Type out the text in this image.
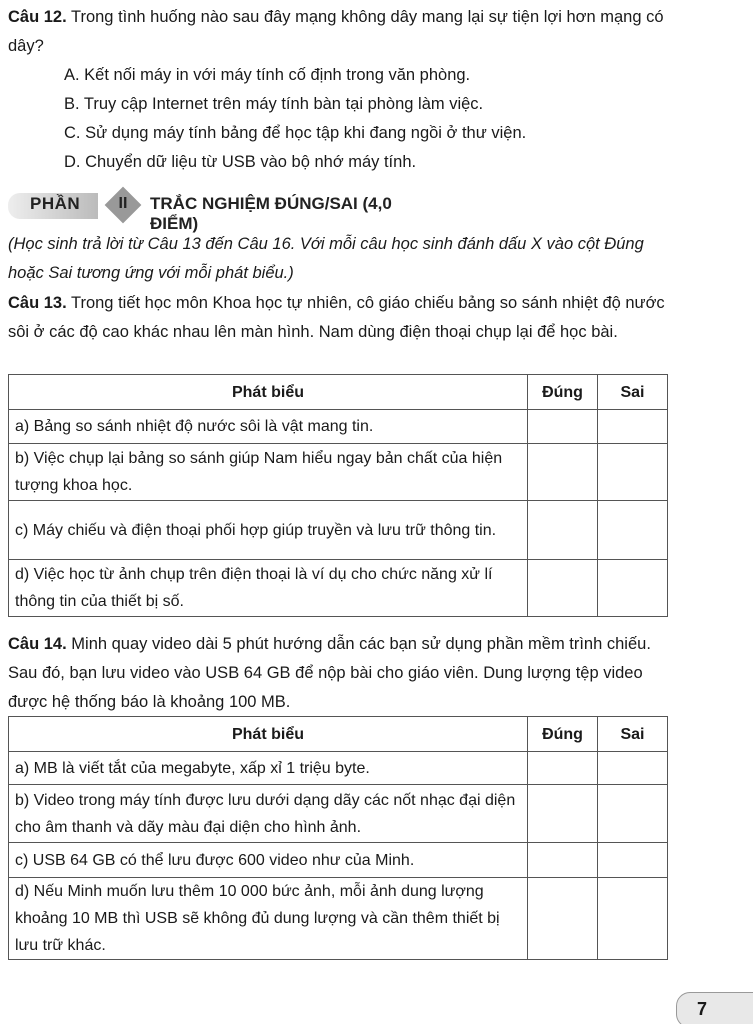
Câu 12. Trong tình huống nào sau đây mạng không dây mang lại sự tiện lợi hơn mạng có dây?
A. Kết nối máy in với máy tính cố định trong văn phòng.
B. Truy cập Internet trên máy tính bàn tại phòng làm việc.
C. Sử dụng máy tính bảng để học tập khi đang ngồi ở thư viện.
D. Chuyển dữ liệu từ USB vào bộ nhớ máy tính.
PHẦN	II	TRẮC NGHIỆM ĐÚNG/SAI (4,0 ĐIỂM)
(Học sinh trả lời từ Câu 13 đến Câu 16. Với mỗi câu học sinh đánh dấu X vào cột Đúng hoặc Sai tương ứng với mỗi phát biểu.)
Câu 13. Trong tiết học môn Khoa học tự nhiên, cô giáo chiếu bảng so sánh nhiệt độ nước sôi ở các độ cao khác nhau lên màn hình. Nam dùng điện thoại chụp lại để học bài.
Phát biểu	Đúng	Sai
a) Bảng so sánh nhiệt độ nước sôi là vật mang tin.		
b) Việc chụp lại bảng so sánh giúp Nam hiểu ngay bản chất của hiện tượng khoa học.		
c) Máy chiếu và điện thoại phối hợp giúp truyền và lưu trữ thông tin.		
d) Việc học từ ảnh chụp trên điện thoại là ví dụ cho chức năng xử lí thông tin của thiết bị số.		
Câu 14. Minh quay video dài 5 phút hướng dẫn các bạn sử dụng phần mềm trình chiếu. Sau đó, bạn lưu video vào USB 64 GB để nộp bài cho giáo viên. Dung lượng tệp video được hệ thống báo là khoảng 100 MB.
Phát biểu	Đúng	Sai
a) MB là viết tắt của megabyte, xấp xỉ 1 triệu byte.		
b) Video trong máy tính được lưu dưới dạng dãy các nốt nhạc đại diện cho âm thanh và dãy màu đại diện cho hình ảnh.		
c) USB 64 GB có thể lưu được 600 video như của Minh.		
d) Nếu Minh muốn lưu thêm 10 000 bức ảnh, mỗi ảnh dung lượng khoảng 10 MB thì USB sẽ không đủ dung lượng và cần thêm thiết bị lưu trữ khác.		
7
